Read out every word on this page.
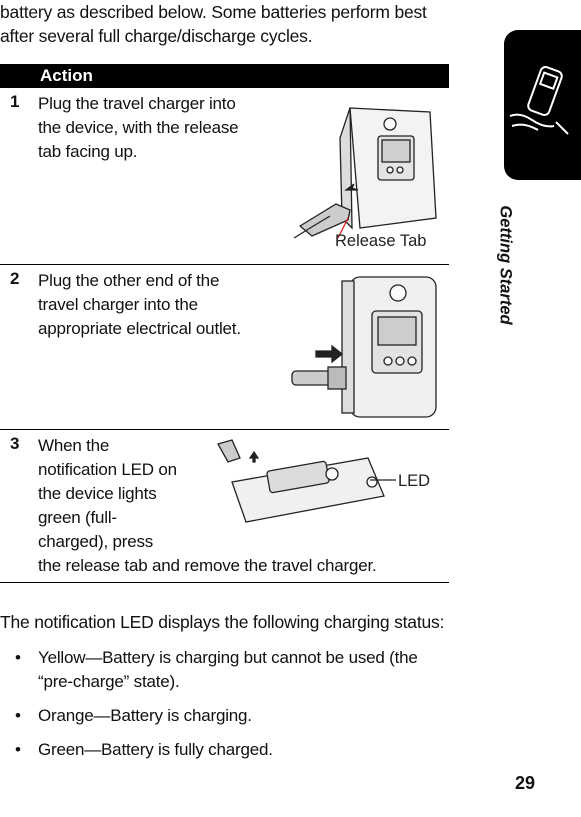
battery as described below. Some batteries perform best
after several full charge/discharge cycles.
Getting Started
Action
1 Plug the travel charger into
the device, with the release
tab facing up.
Release Tab
2 Plug the other end of the
travel charger into the
appropriate electrical outlet.
3 When the
notification LED on
the device lights
green (full-
charged), press
the release tab and remove the travel charger.
LED
The notification LED displays the following charging status:
• Yellow—Battery is charging but cannot be used (the
“pre-charge” state).
• Orange—Battery is charging.
• Green—Battery is fully charged.
29
